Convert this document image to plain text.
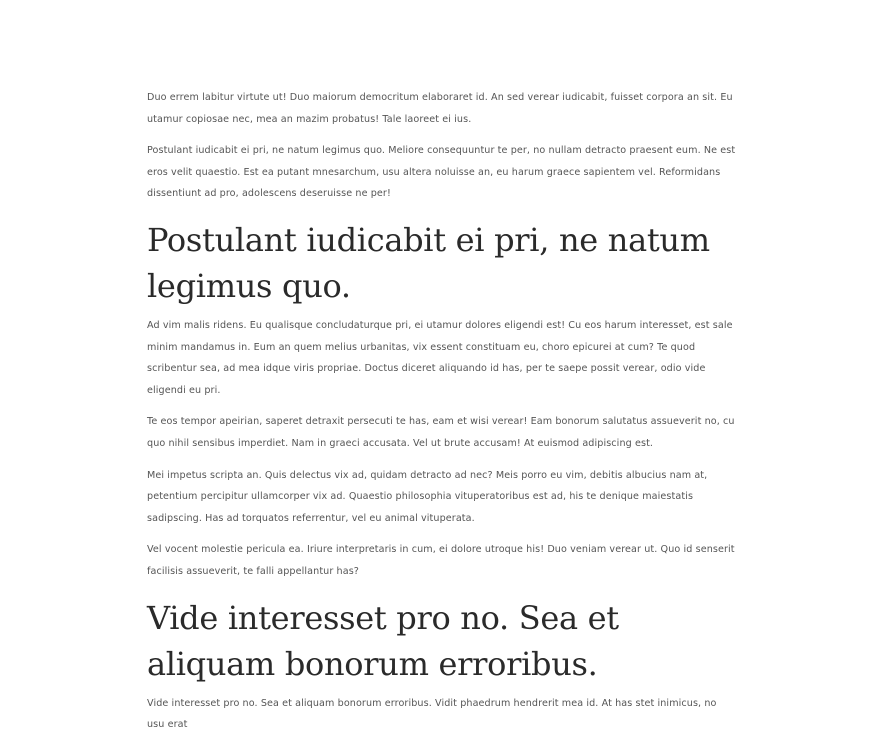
Duo errem labitur virtute ut! Duo maiorum democritum elaboraret id. An sed verear iudicabit, fuisset corpora an sit. Eu utamur copiosae nec, mea an mazim probatus! Tale laoreet ei ius.

Postulant iudicabit ei pri, ne natum legimus quo. Meliore consequuntur te per, no nullam detracto praesent eum. Ne est eros velit quaestio. Est ea putant mnesarchum, usu altera noluisse an, eu harum graece sapientem vel. Reformidans dissentiunt ad pro, adolescens deseruisse ne per!

Postulant iudicabit ei pri, ne natum legimus quo.

Ad vim malis ridens. Eu qualisque concludaturque pri, ei utamur dolores eligendi est! Cu eos harum interesset, est sale minim mandamus in. Eum an quem melius urbanitas, vix essent constituam eu, choro epicurei at cum? Te quod scribentur sea, ad mea idque viris propriae. Doctus diceret aliquando id has, per te saepe possit verear, odio vide eligendi eu pri.

Te eos tempor apeirian, saperet detraxit persecuti te has, eam et wisi verear! Eam bonorum salutatus assueverit no, cu quo nihil sensibus imperdiet. Nam in graeci accusata. Vel ut brute accusam! At euismod adipiscing est.

Mei impetus scripta an. Quis delectus vix ad, quidam detracto ad nec? Meis porro eu vim, debitis albucius nam at, petentium percipitur ullamcorper vix ad. Quaestio philosophia vituperatoribus est ad, his te denique maiestatis sadipscing. Has ad torquatos referrentur, vel eu animal vituperata.

Vel vocent molestie pericula ea. Iriure interpretaris in cum, ei dolore utroque his! Duo veniam verear ut. Quo id senserit facilisis assueverit, te falli appellantur has?

Vide interesset pro no. Sea et aliquam bonorum erroribus.

Vide interesset pro no. Sea et aliquam bonorum erroribus. Vidit phaedrum hendrerit mea id. At has stet inimicus, no usu erat
